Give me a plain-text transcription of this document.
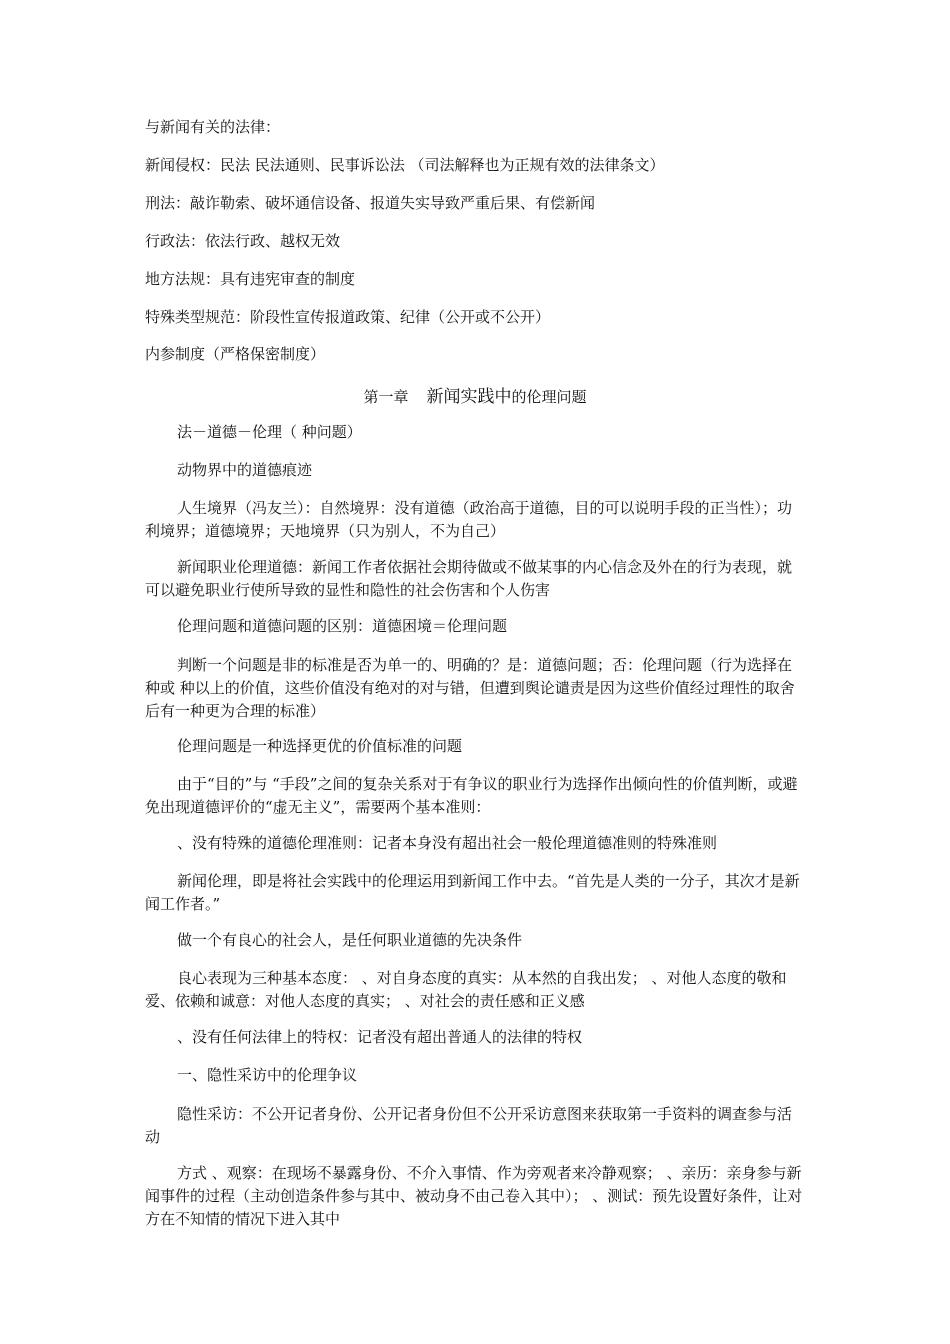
与新闻有关的法律：
新闻侵权：民法 民法通则、民事诉讼法 （司法解释也为正规有效的法律条文）
刑法：敲诈勒索、破坏通信设备、报道失实导致严重后果、有偿新闻
行政法：依法行政、越权无效
地方法规：具有违宪审查的制度
特殊类型规范：阶段性宣传报道政策、纪律（公开或不公开）
内参制度（严格保密制度）
第一章 新闻实践中的伦理问题
法－道德－伦理（ 种问题）
动物界中的道德痕迹
人生境界（冯友兰）：自然境界：没有道德（政治高于道德，目的可以说明手段的正当性）；功利境界；道德境界；天地境界（只为别人，不为自己）
新闻职业伦理道德：新闻工作者依据社会期待做或不做某事的内心信念及外在的行为表现，就可以避免职业行使所导致的显性和隐性的社会伤害和个人伤害
伦理问题和道德问题的区别：道德困境＝伦理问题
判断一个问题是非的标准是否为单一的、明确的？是：道德问题；否：伦理问题（行为选择在 种或 种以上的价值，这些价值没有绝对的对与错，但遭到舆论谴责是因为这些价值经过理性的取舍后有一种更为合理的标准）
伦理问题是一种选择更优的价值标准的问题
由于“目的”与 “手段”之间的复杂关系对于有争议的职业行为选择作出倾向性的价值判断，或避免出现道德评价的“虚无主义”，需要两个基本准则：
、没有特殊的道德伦理准则：记者本身没有超出社会一般伦理道德准则的特殊准则
新闻伦理，即是将社会实践中的伦理运用到新闻工作中去。“首先是人类的一分子，其次才是新闻工作者。”
做一个有良心的社会人，是任何职业道德的先决条件
良心表现为三种基本态度： 、对自身态度的真实：从本然的自我出发； 、对他人态度的敬和爱、依赖和诚意：对他人态度的真实； 、对社会的责任感和正义感
、没有任何法律上的特权：记者没有超出普通人的法律的特权
一、隐性采访中的伦理争议
隐性采访：不公开记者身份、公开记者身份但不公开采访意图来获取第一手资料的调查参与活动
方式 、观察：在现场不暴露身份、不介入事情、作为旁观者来冷静观察； 、亲历：亲身参与新闻事件的过程（主动创造条件参与其中、被动身不由己卷入其中）； 、测试：预先设置好条件，让对方在不知情的情况下进入其中
